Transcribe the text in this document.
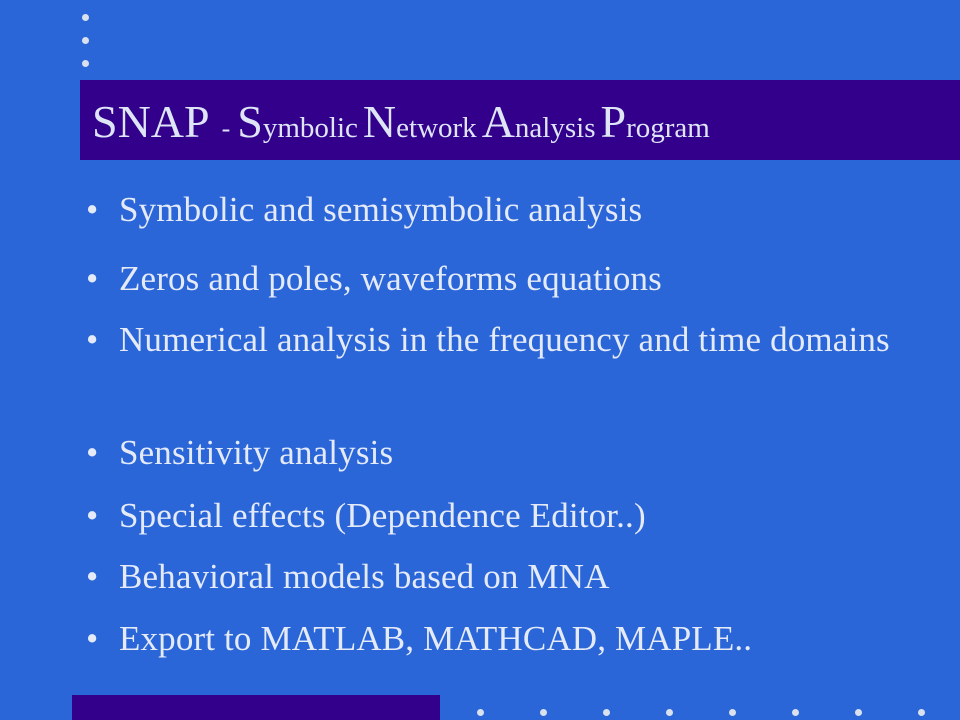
SNAP - Symbolic Network Analysis Program
• Symbolic and semisymbolic analysis
• Zeros and poles, waveforms equations
• Numerical analysis in the frequency and time domains
• Sensitivity analysis
• Special effects (Dependence Editor..)
• Behavioral models based on MNA
• Export to MATLAB, MATHCAD, MAPLE..
